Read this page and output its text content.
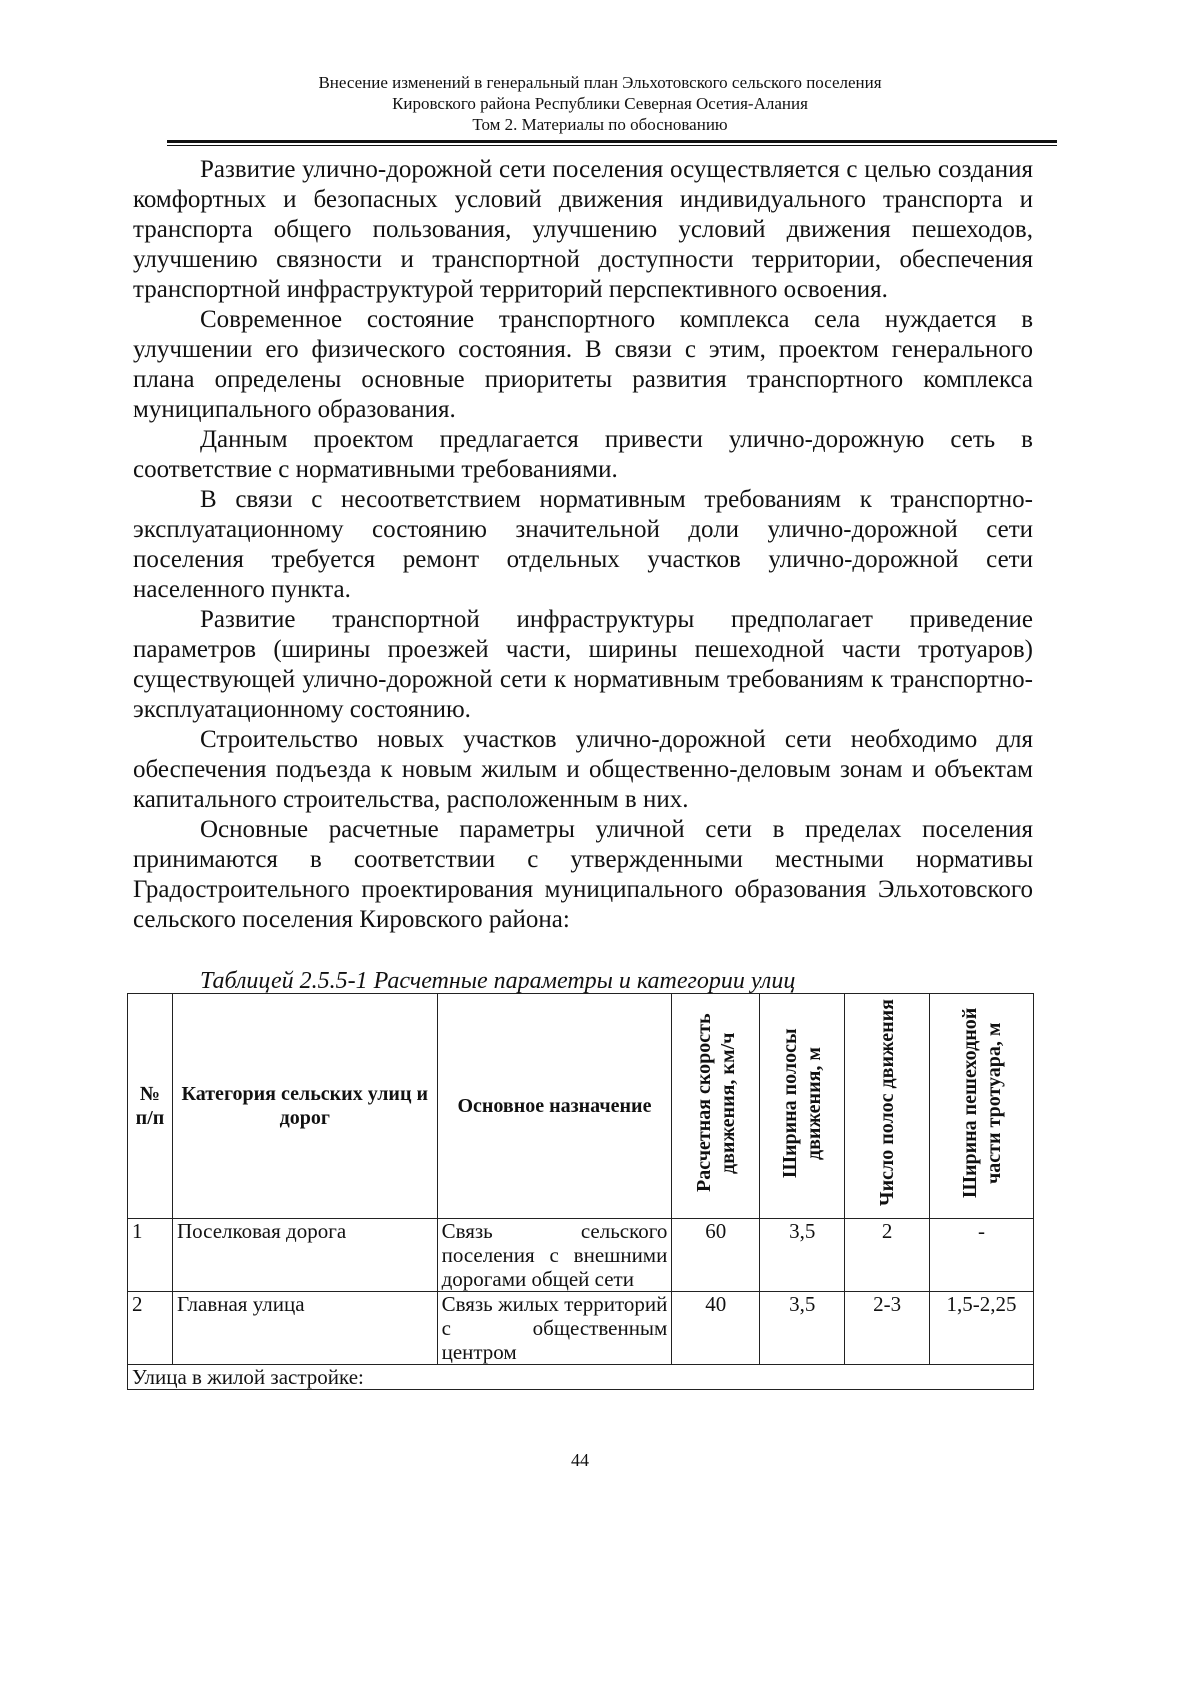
Внесение изменений в генеральный план Эльхотовского сельского поселения
Кировского района Республики Северная Осетия-Алания
Том 2. Материалы по обоснованию

Развитие улично-дорожной сети поселения осуществляется с целью создания комфортных и безопасных условий движения индивидуального транспорта и транспорта общего пользования, улучшению условий движения пешеходов, улучшению связности и транспортной доступности территории, обеспечения транспортной инфраструктурой территорий перспективного освоения.

Современное состояние транспортного комплекса села нуждается в улучшении его физического состояния. В связи с этим, проектом генерального плана определены основные приоритеты развития транспортного комплекса муниципального образования.

Данным проектом предлагается привести улично-дорожную сеть в соответствие с нормативными требованиями.

В связи с несоответствием нормативным требованиям к транспортно-эксплуатационному состоянию значительной доли улично-дорожной сети поселения требуется ремонт отдельных участков улично-дорожной сети населенного пункта.

Развитие транспортной инфраструктуры предполагает приведение параметров (ширины проезжей части, ширины пешеходной части тротуаров) существующей улично-дорожной сети к нормативным требованиям к транспортно-эксплуатационному состоянию.

Строительство новых участков улично-дорожной сети необходимо для обеспечения подъезда к новым жилым и общественно-деловым зонам и объектам капитального строительства, расположенным в них.

Основные расчетные параметры уличной сети в пределах поселения принимаются в соответствии с утвержденными местными нормативы Градостроительного проектирования муниципального образования Эльхотовского сельского поселения Кировского района:

Таблицей 2.5.5-1 Расчетные параметры и категории улиц
№ п/п	Категория сельских улиц и дорог	Основное назначение	Расчетная скорость движения, км/ч	Ширина полосы движения, м	Число полос движения	Ширина пешеходной части тротуара, м
1	Поселковая дорога	Связь сельского поселения с внешними дорогами общей сети	60	3,5	2	-
2	Главная улица	Связь жилых территорий с общественным центром	40	3,5	2-3	1,5-2,25
Улица в жилой застройке:						
44
